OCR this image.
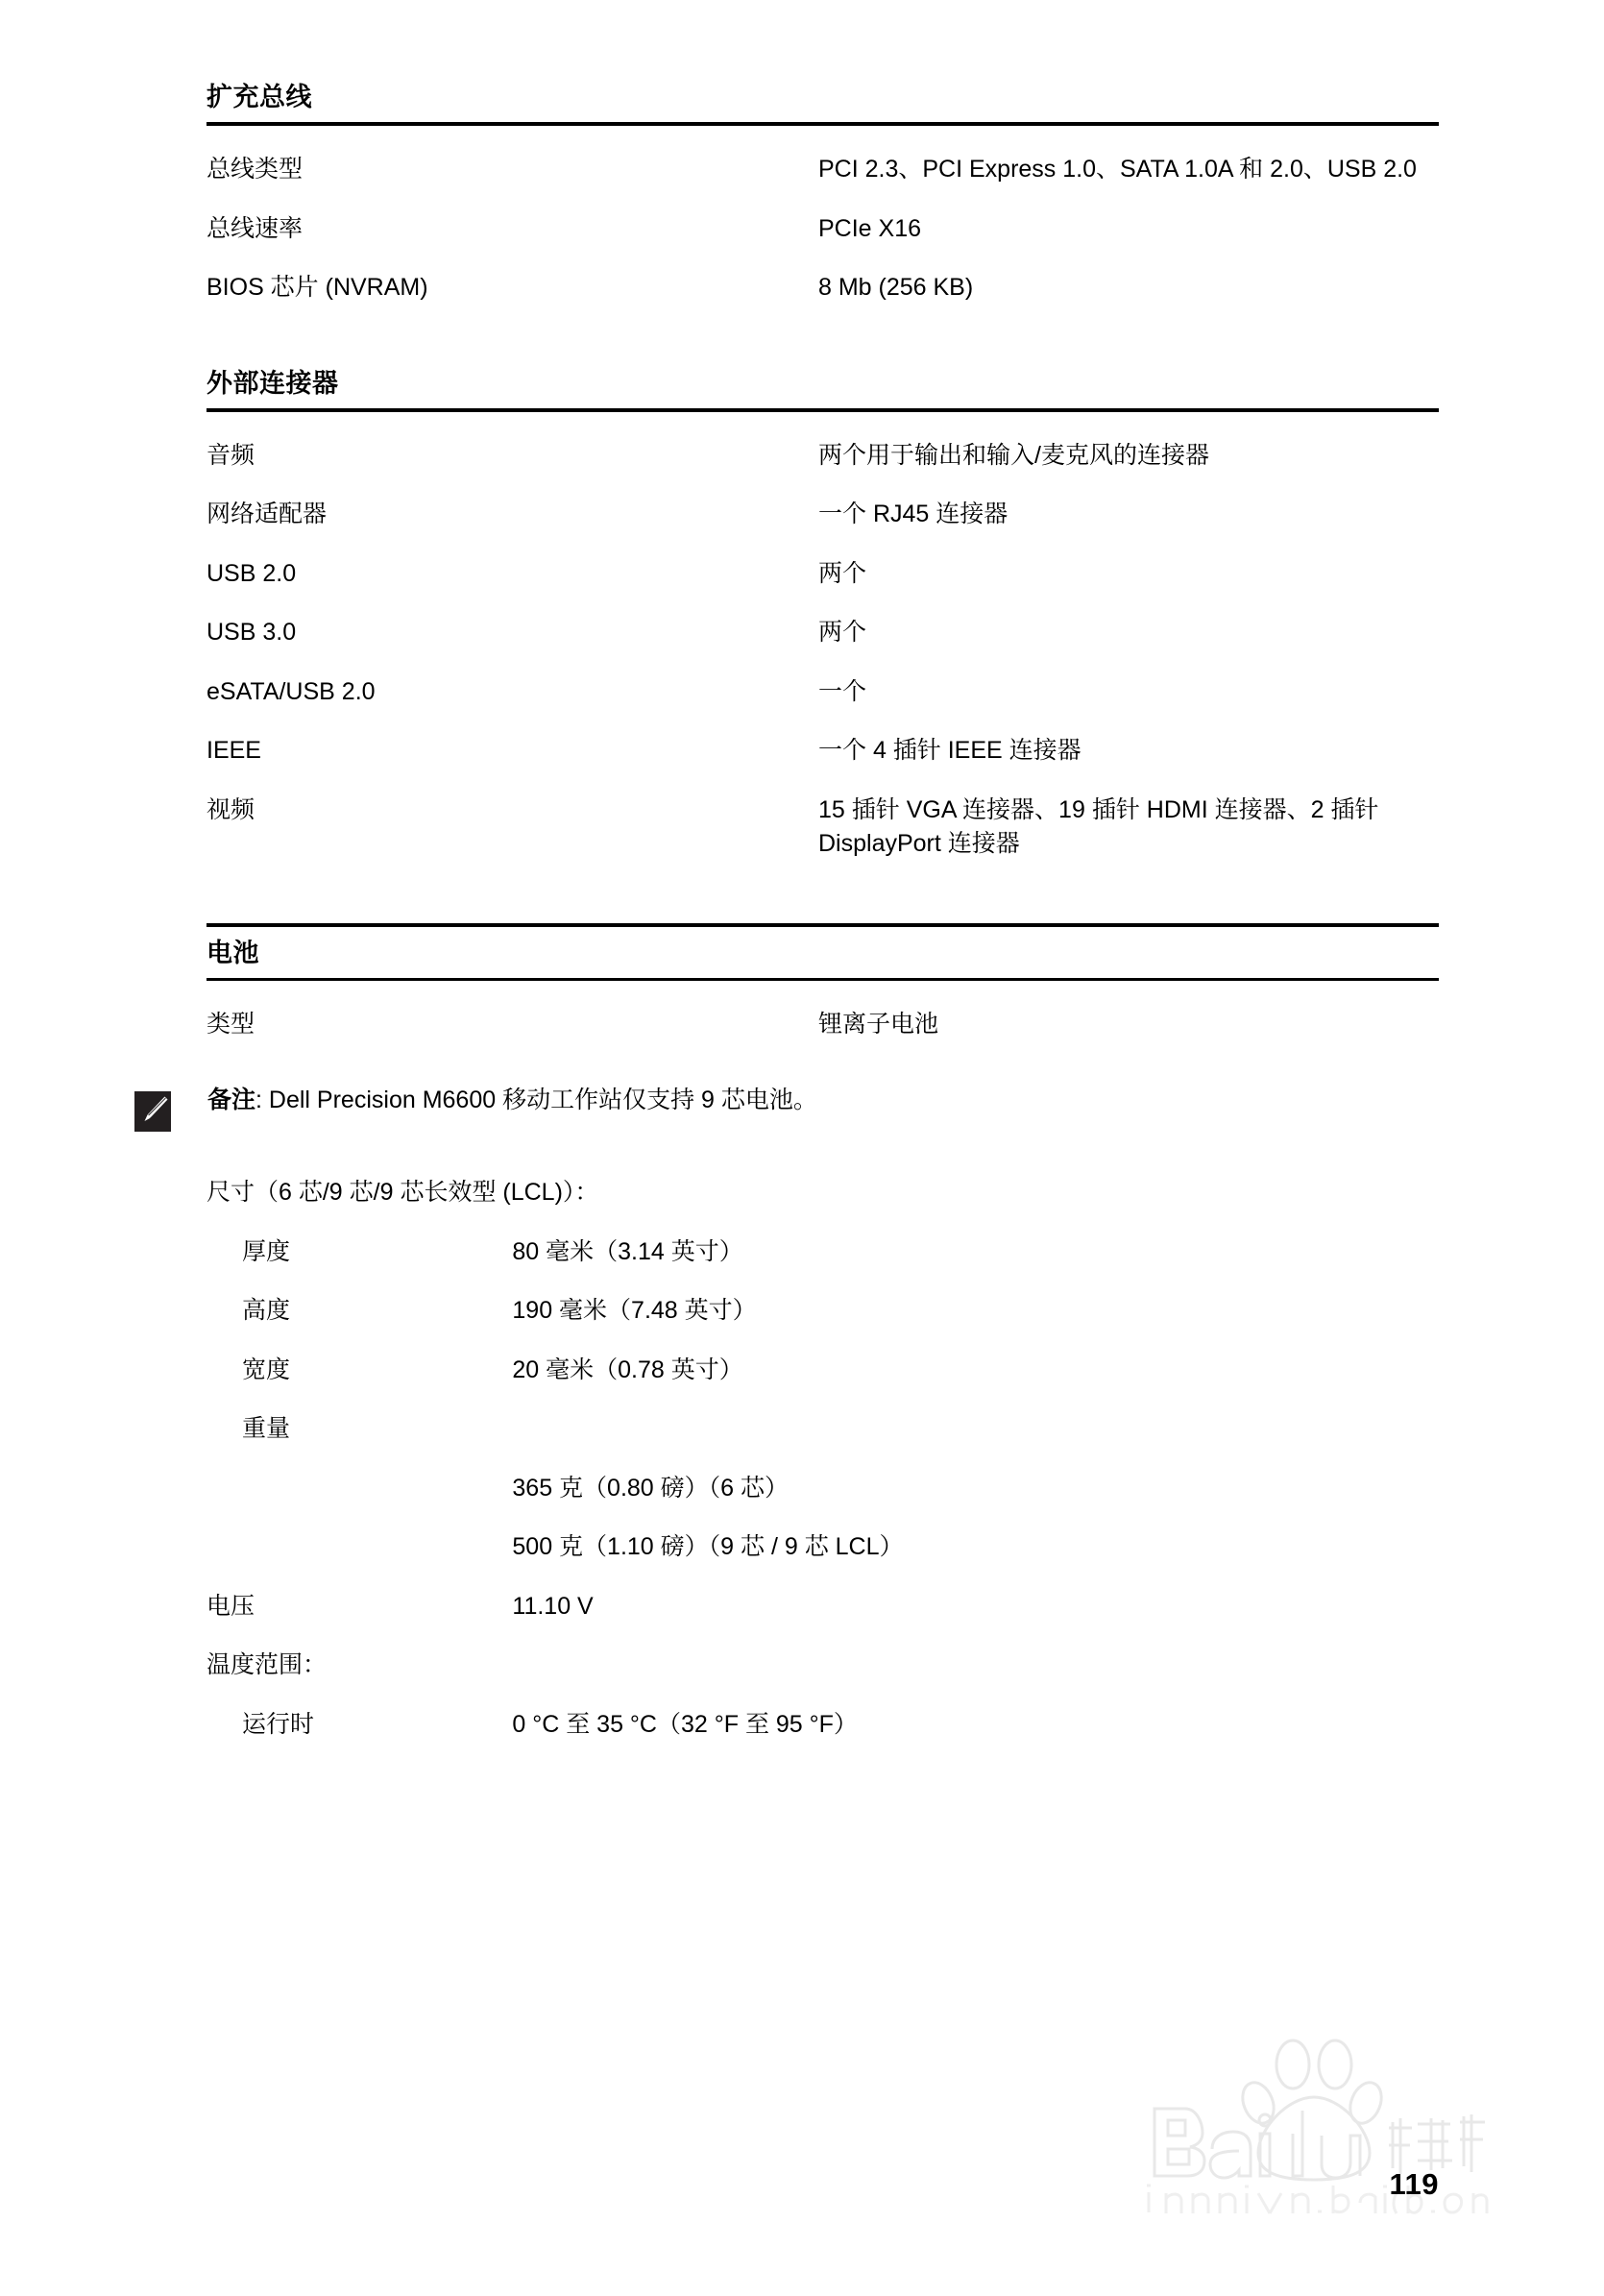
扩充总线
总线类型	PCI 2.3、PCI Express 1.0、SATA 1.0A 和 2.0、USB 2.0
总线速率	PCIe X16
BIOS 芯片 (NVRAM)	8 Mb (256 KB)
外部连接器
音频	两个用于输出和输入/麦克风的连接器
网络适配器	一个 RJ45 连接器
USB 2.0	两个
USB 3.0	两个
eSATA/USB 2.0	一个
IEEE	一个 4 插针 IEEE 连接器
视频	15 插针 VGA 连接器、19 插针 HDMI 连接器、2 插针 DisplayPort 连接器
电池
类型	锂离子电池
备注: Dell Precision M6600 移动工作站仅支持 9 芯电池。
尺寸（6 芯/9 芯/9 芯长效型 (LCL)）：
厚度	80 毫米（3.14 英寸）
高度	190 毫米（7.48 英寸）
宽度	20 毫米（0.78 英寸）
重量	
	365 克（0.80 磅）（6 芯）
	500 克（1.10 磅）（9 芯 / 9 芯 LCL）
电压	11.10 V
温度范围：	
运行时	0 °C 至 35 °C（32 °F 至 95 °F）
119
